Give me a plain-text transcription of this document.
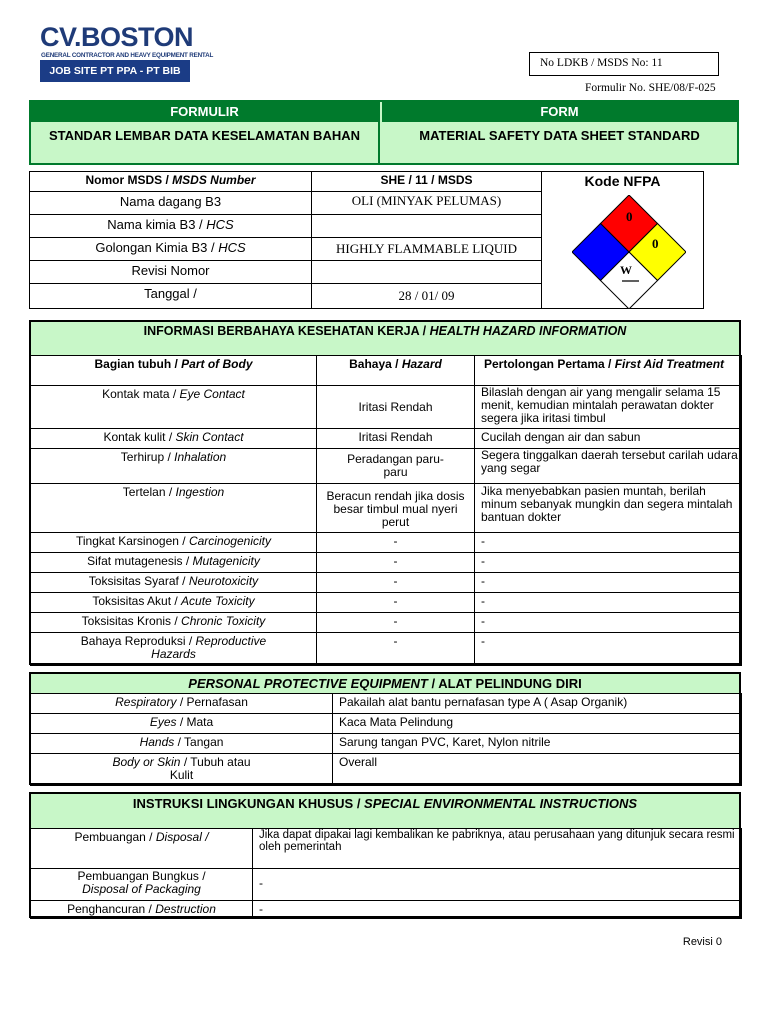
CV.BOSTON
GENERAL CONTRACTOR AND HEAVY EQUIPMENT RENTAL
JOB SITE PT PPA - PT BIB
No LDKB / MSDS No: 11
Formulir No. SHE/08/F-025
FORMULIR
STANDAR LEMBAR DATA KESELAMATAN BAHAN
FORM
MATERIAL SAFETY DATA SHEET STANDARD
Nomor MSDS / MSDS Number	SHE / 11 / MSDS	Kode NFPA
Nama dagang B3	OLI (MINYAK PELUMAS)	
Nama kimia B3 / HCS		
Golongan Kimia B3 / HCS	HIGHLY FLAMMABLE LIQUID	
Revisi Nomor		
Tanggal /	28 / 01/ 09	
0
0
W
INFORMASI BERBAHAYA KESEHATAN KERJA / HEALTH HAZARD INFORMATION
Bagian tubuh / Part of Body	Bahaya / Hazard	Pertolongan Pertama / First Aid Treatment
Kontak mata / Eye Contact	Iritasi Rendah	Bilaslah dengan air yang mengalir selama 15 menit, kemudian mintalah perawatan dokter segera jika iritasi timbul
Kontak kulit / Skin Contact	Iritasi Rendah	Cucilah dengan air dan sabun
Terhirup / Inhalation	Peradangan paru-paru	Segera tinggalkan daerah tersebut carilah udara yang segar
Tertelan / Ingestion	Beracun rendah jika dosis besar timbul mual nyeri perut	Jika menyebabkan pasien muntah, berilah minum sebanyak mungkin dan segera mintalah bantuan dokter
Tingkat Karsinogen / Carcinogenicity	-	-
Sifat mutagenesis / Mutagenicity	-	-
Toksisitas Syaraf / Neurotoxicity	-	-
Toksisitas Akut / Acute Toxicity	-	-
Toksisitas Kronis / Chronic Toxicity	-	-
Bahaya Reproduksi / Reproductive Hazards	-	-
PERSONAL PROTECTIVE EQUIPMENT / ALAT PELINDUNG DIRI
Respiratory / Pernafasan	Pakailah alat bantu pernafasan type A ( Asap Organik)
Eyes / Mata	Kaca Mata Pelindung
Hands / Tangan	Sarung tangan PVC, Karet, Nylon nitrile
Body or Skin / Tubuh atau Kulit	Overall
INSTRUKSI LINGKUNGAN KHUSUS / SPECIAL ENVIRONMENTAL INSTRUCTIONS
Pembuangan / Disposal /	Jika dapat dipakai lagi kembalikan ke pabriknya, atau perusahaan yang ditunjuk secara resmi
oleh pemerintah
Pembuangan Bungkus / Disposal of Packaging	-
Penghancuran / Destruction	-
Revisi 0
